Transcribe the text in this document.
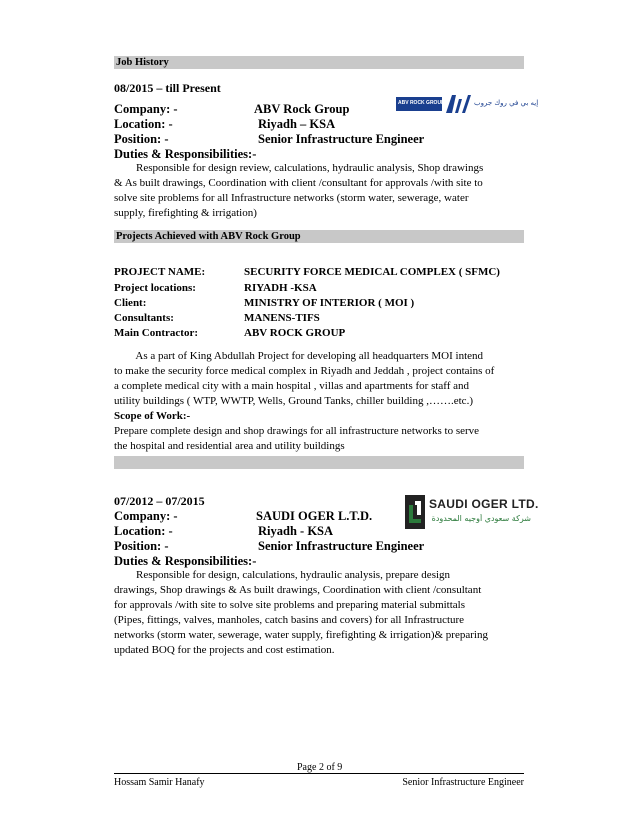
Job History
08/2015 – till Present
Company: -	ABV Rock Group
Location: -	Riyadh – KSA
Position: -	Senior Infrastructure Engineer
Duties & Responsibilities:-
Responsible for design review, calculations, hydraulic analysis, Shop drawings
& As built drawings, Coordination with client /consultant for approvals /with site to
solve site problems for all Infrastructure networks (storm water, sewerage, water
supply, firefighting & irrigation)
ABV ROCK GROUP	إيه بي في روك جروب
Projects Achieved with ABV Rock Group
PROJECT NAME:	SECURITY FORCE MEDICAL COMPLEX ( SFMC)
Project locations:	RIYADH -KSA
Client:	MINISTRY OF INTERIOR ( MOI )
Consultants:	MANENS-TIFS
Main Contractor:	ABV ROCK GROUP
As a part of King Abdullah Project for developing all headquarters MOI intend
to make the security force medical complex in Riyadh and Jeddah , project contains of
a complete medical city with a main hospital , villas and apartments for staff and
utility buildings ( WTP, WWTP, Wells, Ground Tanks, chiller building ,…….etc.)
Scope of Work:-
Prepare complete design and shop drawings for all infrastructure networks to serve
the hospital and residential area and utility buildings
07/2012 – 07/2015
Company: -	SAUDI OGER L.T.D.
Location: -	Riyadh - KSA
Position: -	Senior Infrastructure Engineer
Duties & Responsibilities:-
Responsible for design, calculations, hydraulic analysis, prepare design
drawings, Shop drawings & As built drawings, Coordination with client /consultant
for approvals /with site to solve site problems and preparing material submittals
(Pipes, fittings, valves, manholes, catch basins and covers) for all Infrastructure
networks (storm water, sewerage, water supply, firefighting & irrigation)& preparing
updated BOQ for the projects and cost estimation.
SAUDI OGER LTD.
شركة سعودي أوجيه المحدودة
Page 2 of 9
Hossam Samir Hanafy	Senior Infrastructure Engineer
